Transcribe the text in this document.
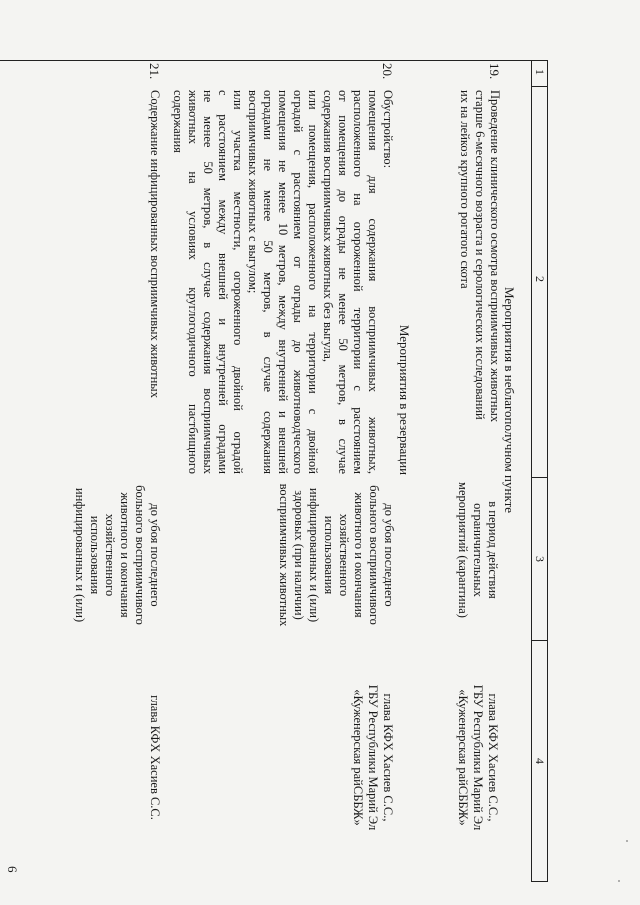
6
1
2
3
4
Мероприятия в неблагополучном пункте
19.
Проведение клинического осмотра восприимчивых животных
старше 6-месячного возраста и серологических исследований
их на лейкоз крупного рогатого скота
в период действия
ограничительных
мероприятий (карантина)
глава КФХ Хасиев С.С.,
ГБУ Республики Марий Эл
«Куженерская райСББЖ»
Мероприятия в резервации
20.
Обустройство:
помещения для содержания восприимчивых животных,
расположенного на огороженной территории с расстоянием
от помещения до ограды не менее 50 метров, в случае
содержания восприимчивых животных без выгула,
или помещения, расположенного на территории с двойной
оградой с расстоянием от ограды до животноводческого
помещения не менее 10 метров, между внутренней и внешней
оградами не менее 50 метров, в случае содержания
восприимчивых животных с выгулом;
или участка местности, огороженного двойной оградой
с расстоянием между внешней и внутренней оградами
не менее 50 метров, в случае содержания восприимчивых
животных на условиях круглогодичного пастбищного
содержания
до убоя последнего
больного восприимчивого
животного и окончания
хозяйственного
использования
инфицированных и (или)
здоровых (при наличии)
восприимчивых животных
глава КФХ Хасиев С.С.,
ГБУ Республики Марий Эл
«Куженерская райСББЖ»
21.
Содержание инфицированных восприимчивых животных
до убоя последнего
больного восприимчивого
животного и окончания
хозяйственного
использования
инфицированных и (или)
глава КФХ Хасиев С.С.
